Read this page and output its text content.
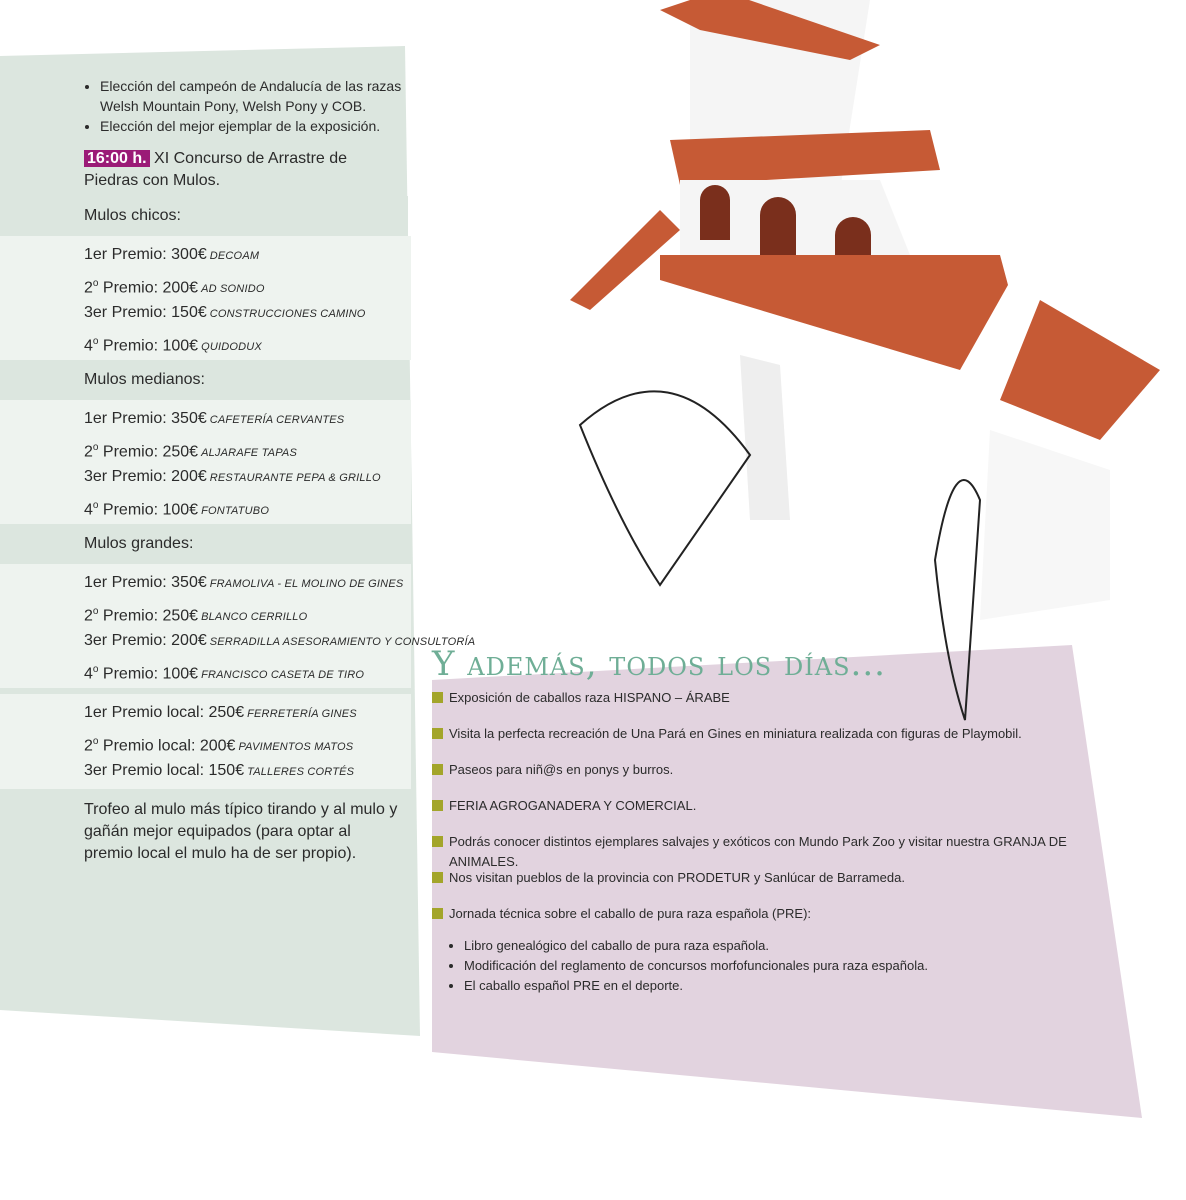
• Elección del campeón de Andalucía de las razas Welsh Mountain Pony, Welsh Pony y COB.
• Elección del mejor ejemplar de la exposición.
16:00 h. XI Concurso de Arrastre de Piedras con Mulos.
Mulos chicos:
1er Premio: 300€ DECOAM
2$^o$ Premio: 200€ AD SONIDO
3er Premio: 150€ CONSTRUCCIONES CAMINO
4$^o$ Premio: 100€ QUIDODUX
Mulos medianos:
1er Premio: 350€ CAFETERÍA CERVANTES
2$^o$ Premio: 250€ ALJARAFE TAPAS
3er Premio: 200€ RESTAURANTE PEPA & GRILLO
4$^o$ Premio: 100€ FONTATUBO
Mulos grandes:
1er Premio: 350€ FRAMOLIVA - EL MOLINO DE GINES
2$^o$ Premio: 250€ BLANCO CERRILLO
3er Premio: 200€ SERRADILLA ASESORAMIENTO Y CONSULTORÍA
4$^o$ Premio: 100€ FRANCISCO CASETA DE TIRO
1er Premio local: 250€ FERRETERÍA GINES
2$^o$ Premio local: 200€ PAVIMENTOS MATOS
3er Premio local: 150€ TALLERES CORTÉS
Trofeo al mulo más típico tirando y al mulo y gañán mejor equipados (para optar al premio local el mulo ha de ser propio).
Y además, todos los días...
Exposición de caballos raza HISPANO – ÁRABE
Visita la perfecta recreación de Una Pará en Gines en miniatura realizada con figuras de Playmobil.
Paseos para niñ@s en ponys y burros.
FERIA AGROGANADERA Y COMERCIAL.
Podrás conocer distintos ejemplares salvajes y exóticos con Mundo Park Zoo y visitar nuestra GRANJA DE ANIMALES.
Nos visitan pueblos de la provincia con PRODETUR y Sanlúcar de Barrameda.
Jornada técnica sobre el caballo de pura raza española (PRE):
• Libro genealógico del caballo de pura raza española.
• Modificación del reglamento de concursos morfofuncionales pura raza española.
• El caballo español PRE en el deporte.
